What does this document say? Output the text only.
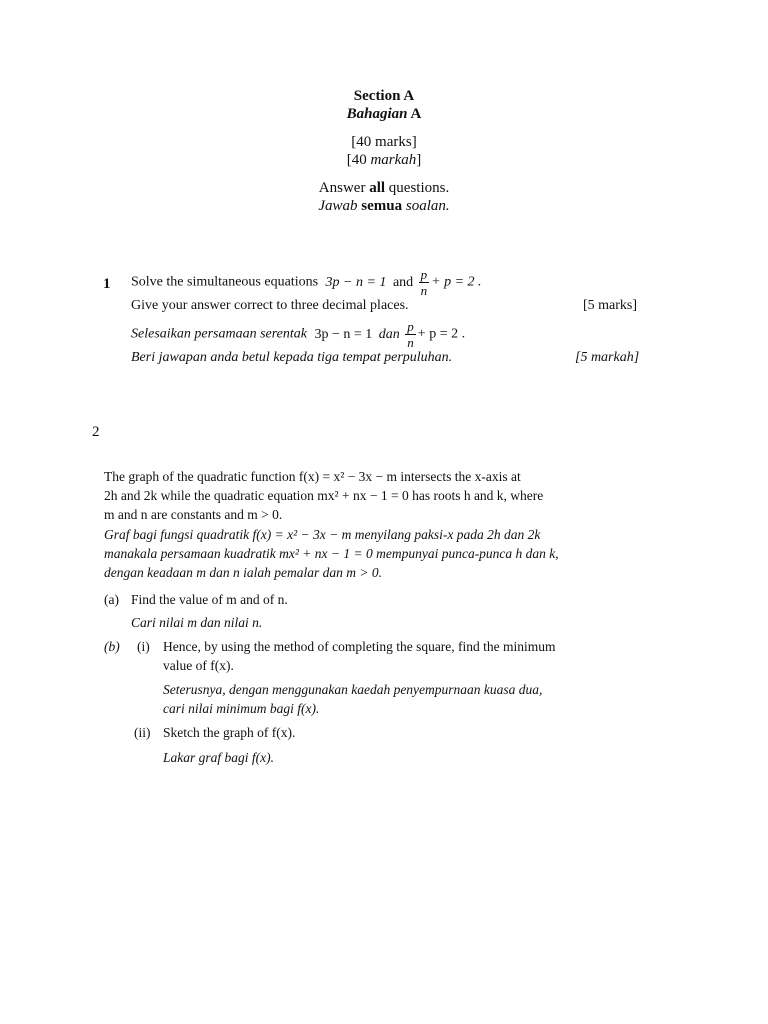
Section A
Bahagian A
[40 marks]
[40 markah]
Answer all questions.
Jawab semua soalan.
1 Solve the simultaneous equations 3p − n = 1 and $\frac{p}{n} + p = 2$ .
Give your answer correct to three decimal places.	[5 marks]
Selesaikan persamaan serentak 3p − n = 1 dan $\frac{p}{n} + p = 2$ .
Beri jawapan anda betul kepada tiga tempat perpuluhan.	[5 markah]
2
The graph of the quadratic function f(x) = x² − 3x − m intersects the x-axis at
2h and 2k while the quadratic equation mx² + nx − 1 = 0 has roots h and k, where
m and n are constants and m > 0.
Graf bagi fungsi quadratik f(x) = x² − 3x − m menyilang paksi-x pada 2h dan 2k
manakala persamaan kuadratik mx² + nx − 1 = 0 mempunyai punca-punca h dan k,
dengan keadaan m dan n ialah pemalar dan m > 0.
(a) Find the value of m and of n.
Cari nilai m dan nilai n.
(b) (i) Hence, by using the method of completing the square, find the minimum
value of f(x).
Seterusnya, dengan menggunakan kaedah penyempurnaan kuasa dua,
cari nilai minimum bagi f(x).
(ii) Sketch the graph of f(x).
Lakar graf bagi f(x).
